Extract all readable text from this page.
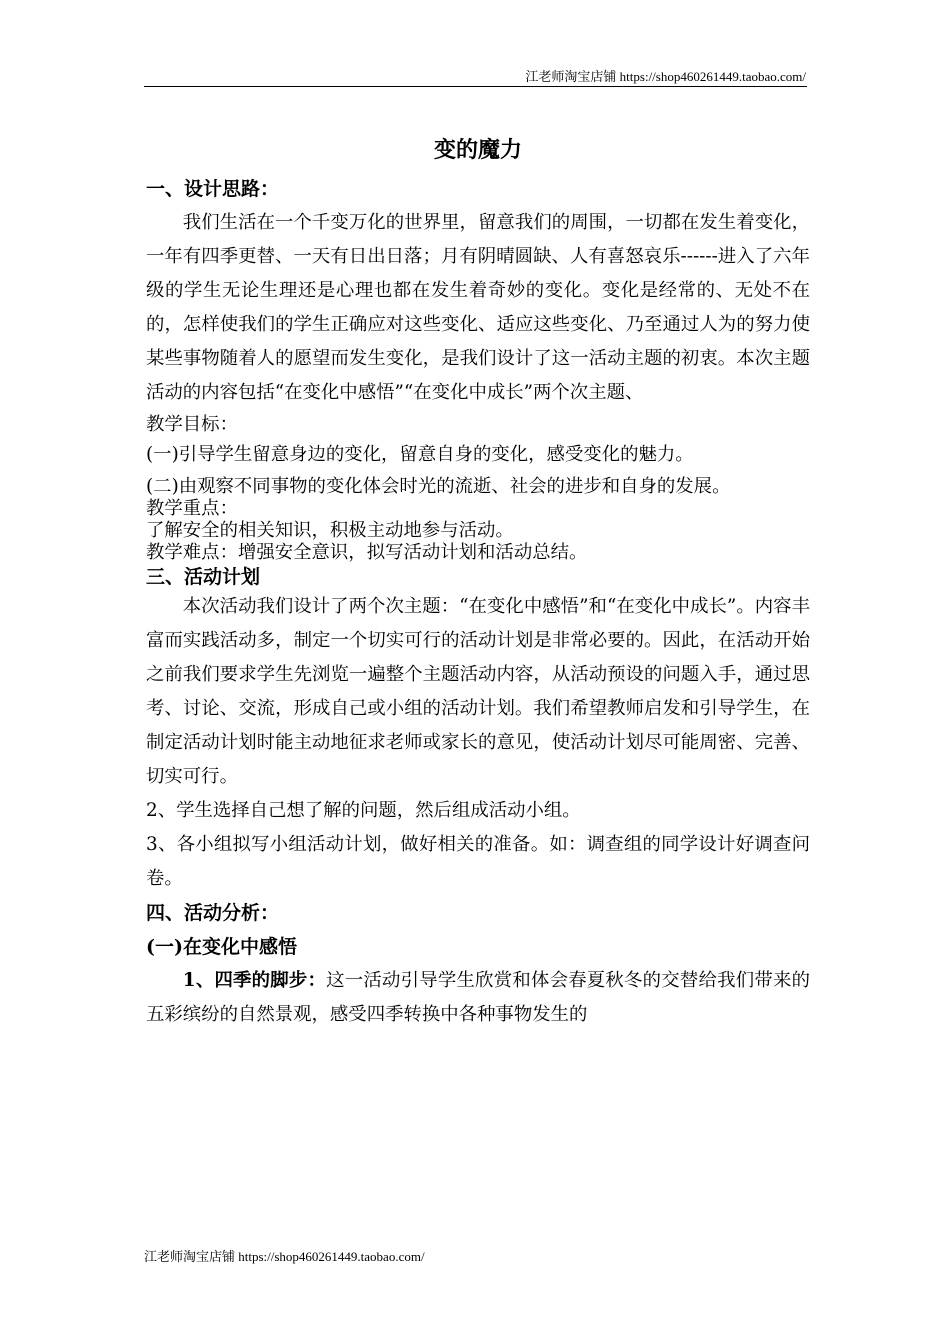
江老师淘宝店铺 https://shop460261449.taobao.com/

变的魔力

一、设计思路：

我们生活在一个千变万化的世界里，留意我们的周围，一切都在发生着变化，一年有四季更替、一天有日出日落；月有阴晴圆缺、人有喜怒哀乐------进入了六年级的学生无论生理还是心理也都在发生着奇妙的变化。变化是经常的、无处不在的，怎样使我们的学生正确应对这些变化、适应这些变化、乃至通过人为的努力使某些事物随着人的愿望而发生变化，是我们设计了这一活动主题的初衷。本次主题活动的内容包括“在变化中感悟”“在变化中成长”两个次主题、

教学目标：

(一)引导学生留意身边的变化，留意自身的变化，感受变化的魅力。

(二)由观察不同事物的变化体会时光的流逝、社会的进步和自身的发展。

教学重点：

了解安全的相关知识，积极主动地参与活动。

教学难点：增强安全意识，拟写活动计划和活动总结。

三、活动计划

本次活动我们设计了两个次主题：“在变化中感悟”和“在变化中成长”。内容丰富而实践活动多，制定一个切实可行的活动计划是非常必要的。因此，在活动开始之前我们要求学生先浏览一遍整个主题活动内容，从活动预设的问题入手，通过思考、讨论、交流，形成自己或小组的活动计划。我们希望教师启发和引导学生，在制定活动计划时能主动地征求老师或家长的意见，使活动计划尽可能周密、完善、切实可行。

2、学生选择自己想了解的问题，然后组成活动小组。

3、各小组拟写小组活动计划，做好相关的准备。如：调查组的同学设计好调查问卷。

四、活动分析：

(一)在变化中感悟

1、四季的脚步：这一活动引导学生欣赏和体会春夏秋冬的交替给我们带来的五彩缤纷的自然景观，感受四季转换中各种事物发生的

江老师淘宝店铺 https://shop460261449.taobao.com/
